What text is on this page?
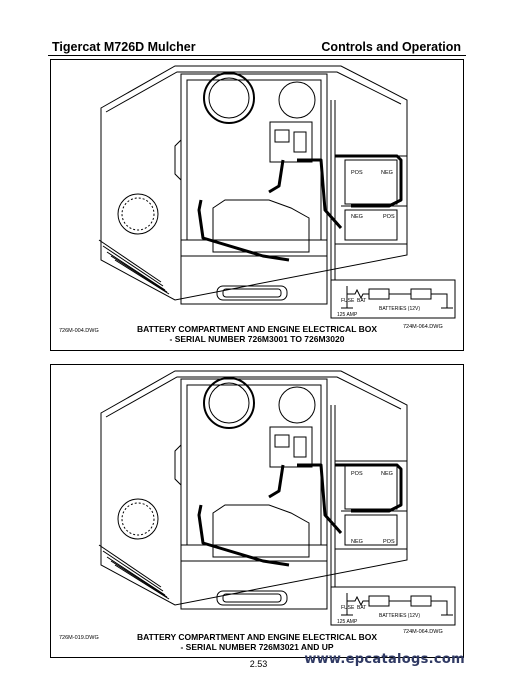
Tigercat M726D Mulcher	Controls and Operation
POS	NEG
NEG	POS
FUSE
125 AMP
BAT
BATTERIES (12V)
726M-004.DWG
724M-064.DWG
BATTERY COMPARTMENT AND ENGINE ELECTRICAL BOX
- SERIAL NUMBER 726M3001 TO 726M3020
POS	NEG
NEG	POS
FUSE
125 AMP
BAT
BATTERIES (12V)
726M-019.DWG
724M-064.DWG
BATTERY COMPARTMENT AND ENGINE ELECTRICAL BOX
- SERIAL NUMBER 726M3021 AND UP
2.53	www.epcatalogs.com
